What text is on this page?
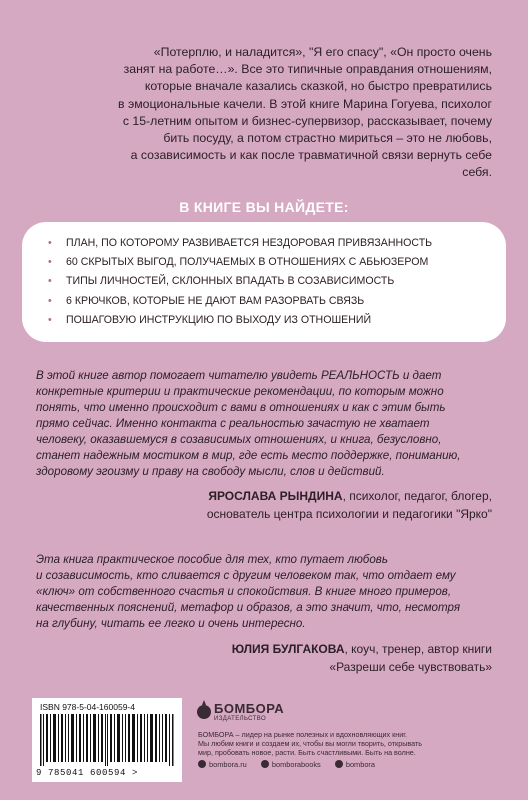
«Потерплю, и наладится», "Я его спасу", «Он просто очень

занят на работе…». Все это типичные оправдания отношениям,

которые вначале казались сказкой, но быстро превратились

в эмоциональные качели. В этой книге Марина Гогуева, психолог

с 15-летним опытом и бизнес-супервизор, рассказывает, почему

бить посуду, а потом страстно мириться – это не любовь,

а созависимость и как после травматичной связи вернуть себе

себя.

В КНИГЕ ВЫ НАЙДЕТЕ:
• ПЛАН, ПО КОТОРОМУ РАЗВИВАЕТСЯ НЕЗДОРОВАЯ ПРИВЯЗАННОСТЬ
• 60 СКРЫТЫХ ВЫГОД, ПОЛУЧАЕМЫХ В ОТНОШЕНИЯХ С АБЬЮЗЕРОМ
• ТИПЫ ЛИЧНОСТЕЙ, СКЛОННЫХ ВПАДАТЬ В СОЗАВИСИМОСТЬ
• 6 КРЮЧКОВ, КОТОРЫЕ НЕ ДАЮТ ВАМ РАЗОРВАТЬ СВЯЗЬ
• ПОШАГОВУЮ ИНСТРУКЦИЮ ПО ВЫХОДУ ИЗ ОТНОШЕНИЙ
В этой книге автор помогает читателю увидеть РЕАЛЬНОСТЬ и дает
конкретные критерии и практические рекомендации, по которым можно
понять, что именно происходит с вами в отношениях и как с этим быть
прямо сейчас. Именно контакта с реальностью зачастую не хватает
человеку, оказавшемуся в созависимых отношениях, и книга, безусловно,
станет надежным мостиком в мир, где есть место поддержке, пониманию,
здоровому эгоизму и праву на свободу мысли, слов и действий.
ЯРОСЛАВА РЫНДИНА, психолог, педагог, блогер,
основатель центра психологии и педагогики "Ярко"
Эта книга практическое пособие для тех, кто путает любовь
и созависимость, кто сливается с другим человеком так, что отдает ему
«ключ» от собственного счастья и спокойствия. В книге много примеров,
качественных пояснений, метафор и образов, а это значит, что, несмотря
на глубину, читать ее легко и очень интересно.
ЮЛИЯ БУЛГАКОВА, коуч, тренер, автор книги
«Разреши себе чувствовать»
ISBN 978-5-04-160059-4
9 785041 600594 >
БОМБОРА
ИЗДАТЕЛЬСТВО
БОМБОРА – лидер на рынке полезных и вдохновляющих книг.
Мы любим книги и создаем их, чтобы вы могли творить, открывать
мир, пробовать новое, расти. Быть счастливыми. Быть на волне.
bombora.ru	bomborabooks	bombora
